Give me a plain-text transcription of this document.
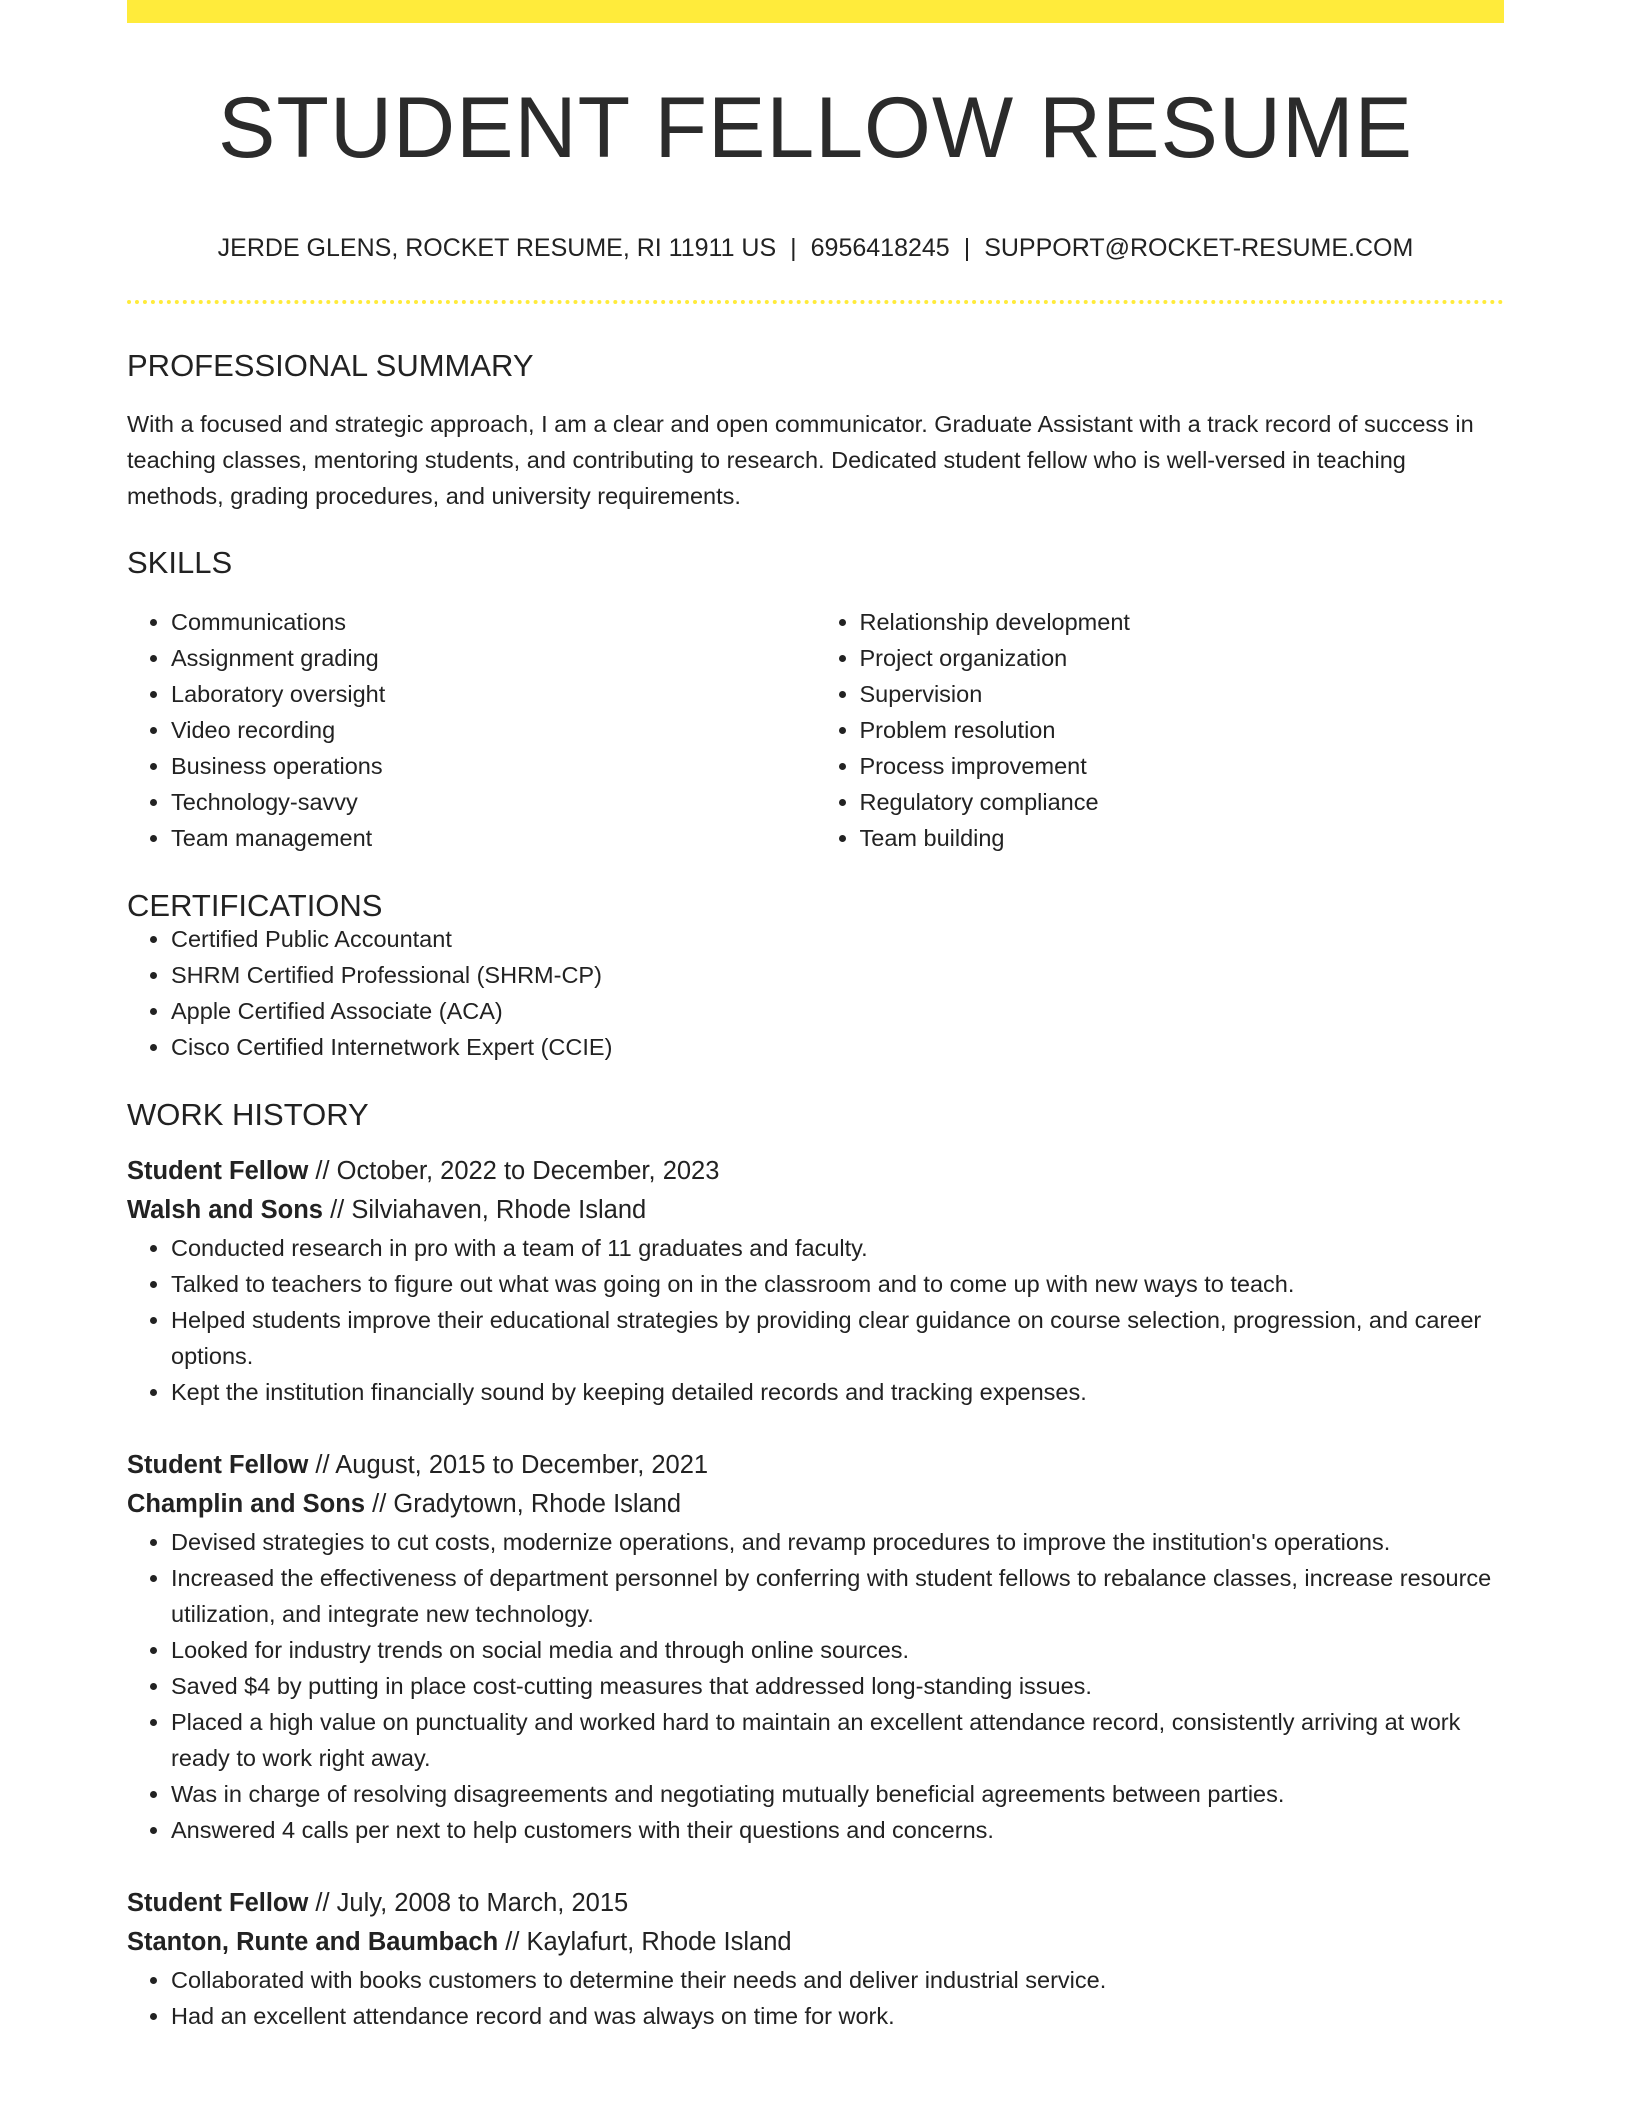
STUDENT FELLOW RESUME
JERDE GLENS, ROCKET RESUME, RI 11911 US | 6956418245 | SUPPORT@ROCKET-RESUME.COM
PROFESSIONAL SUMMARY

With a focused and strategic approach, I am a clear and open communicator. Graduate Assistant with a track record of success in teaching classes, mentoring students, and contributing to research. Dedicated student fellow who is well-versed in teaching methods, grading procedures, and university requirements.

SKILLS
• Communications
• Assignment grading
• Laboratory oversight
• Video recording
• Business operations
• Technology-savvy
• Team management
• Relationship development
• Project organization
• Supervision
• Problem resolution
• Process improvement
• Regulatory compliance
• Team building
CERTIFICATIONS
• Certified Public Accountant
• SHRM Certified Professional (SHRM-CP)
• Apple Certified Associate (ACA)
• Cisco Certified Internetwork Expert (CCIE)
WORK HISTORY
Student Fellow // October, 2022 to December, 2023
Walsh and Sons // Silviahaven, Rhode Island
• Conducted research in pro with a team of 11 graduates and faculty.
• Talked to teachers to figure out what was going on in the classroom and to come up with new ways to teach.
• Helped students improve their educational strategies by providing clear guidance on course selection, progression, and career options.
• Kept the institution financially sound by keeping detailed records and tracking expenses.
Student Fellow // August, 2015 to December, 2021
Champlin and Sons // Gradytown, Rhode Island
• Devised strategies to cut costs, modernize operations, and revamp procedures to improve the institution's operations.
• Increased the effectiveness of department personnel by conferring with student fellows to rebalance classes, increase resource utilization, and integrate new technology.
• Looked for industry trends on social media and through online sources.
• Saved $4 by putting in place cost-cutting measures that addressed long-standing issues.
• Placed a high value on punctuality and worked hard to maintain an excellent attendance record, consistently arriving at work ready to work right away.
• Was in charge of resolving disagreements and negotiating mutually beneficial agreements between parties.
• Answered 4 calls per next to help customers with their questions and concerns.
Student Fellow // July, 2008 to March, 2015
Stanton, Runte and Baumbach // Kaylafurt, Rhode Island
• Collaborated with books customers to determine their needs and deliver industrial service.
• Had an excellent attendance record and was always on time for work.
